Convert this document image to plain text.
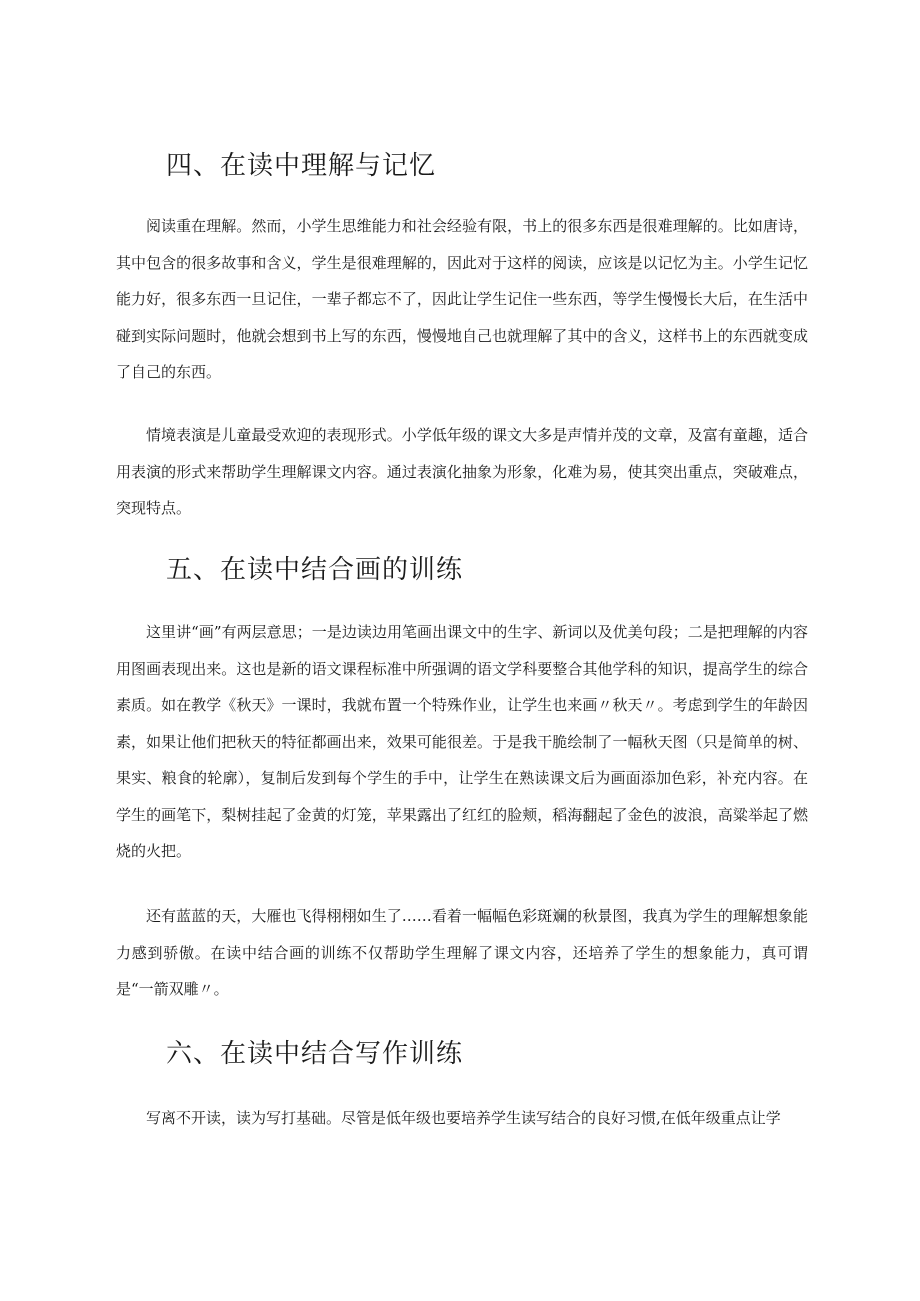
四、在读中理解与记忆
阅读重在理解。然而，小学生思维能力和社会经验有限，书上的很多东西是很难理解的。比如唐诗，其中包含的很多故事和含义，学生是很难理解的，因此对于这样的阅读，应该是以记忆为主。小学生记忆能力好，很多东西一旦记住，一辈子都忘不了，因此让学生记住一些东西，等学生慢慢长大后，在生活中碰到实际问题时，他就会想到书上写的东西，慢慢地自己也就理解了其中的含义，这样书上的东西就变成了自己的东西。
情境表演是儿童最受欢迎的表现形式。小学低年级的课文大多是声情并茂的文章，及富有童趣，适合用表演的形式来帮助学生理解课文内容。通过表演化抽象为形象，化难为易，使其突出重点，突破难点，突现特点。
五、在读中结合画的训练
这里讲“画”有两层意思；一是边读边用笔画出课文中的生字、新词以及优美句段；二是把理解的内容用图画表现出来。这也是新的语文课程标准中所强调的语文学科要整合其他学科的知识，提高学生的综合素质。如在教学《秋天》一课时，我就布置一个特殊作业，让学生也来画〃秋天〃。考虑到学生的年龄因素，如果让他们把秋天的特征都画出来，效果可能很差。于是我干脆绘制了一幅秋天图（只是简单的树、果实、粮食的轮廓），复制后发到每个学生的手中，让学生在熟读课文后为画面添加色彩，补充内容。在学生的画笔下，梨树挂起了金黄的灯笼，苹果露出了红红的脸颊，稻海翻起了金色的波浪，高粱举起了燃烧的火把。
还有蓝蓝的天，大雁也飞得栩栩如生了……看着一幅幅色彩斑斓的秋景图，我真为学生的理解想象能力感到骄傲。在读中结合画的训练不仅帮助学生理解了课文内容，还培养了学生的想象能力，真可谓是“一箭双雕〃。
六、在读中结合写作训练
写离不开读，读为写打基础。尽管是低年级也要培养学生读写结合的良好习惯,在低年级重点让学
